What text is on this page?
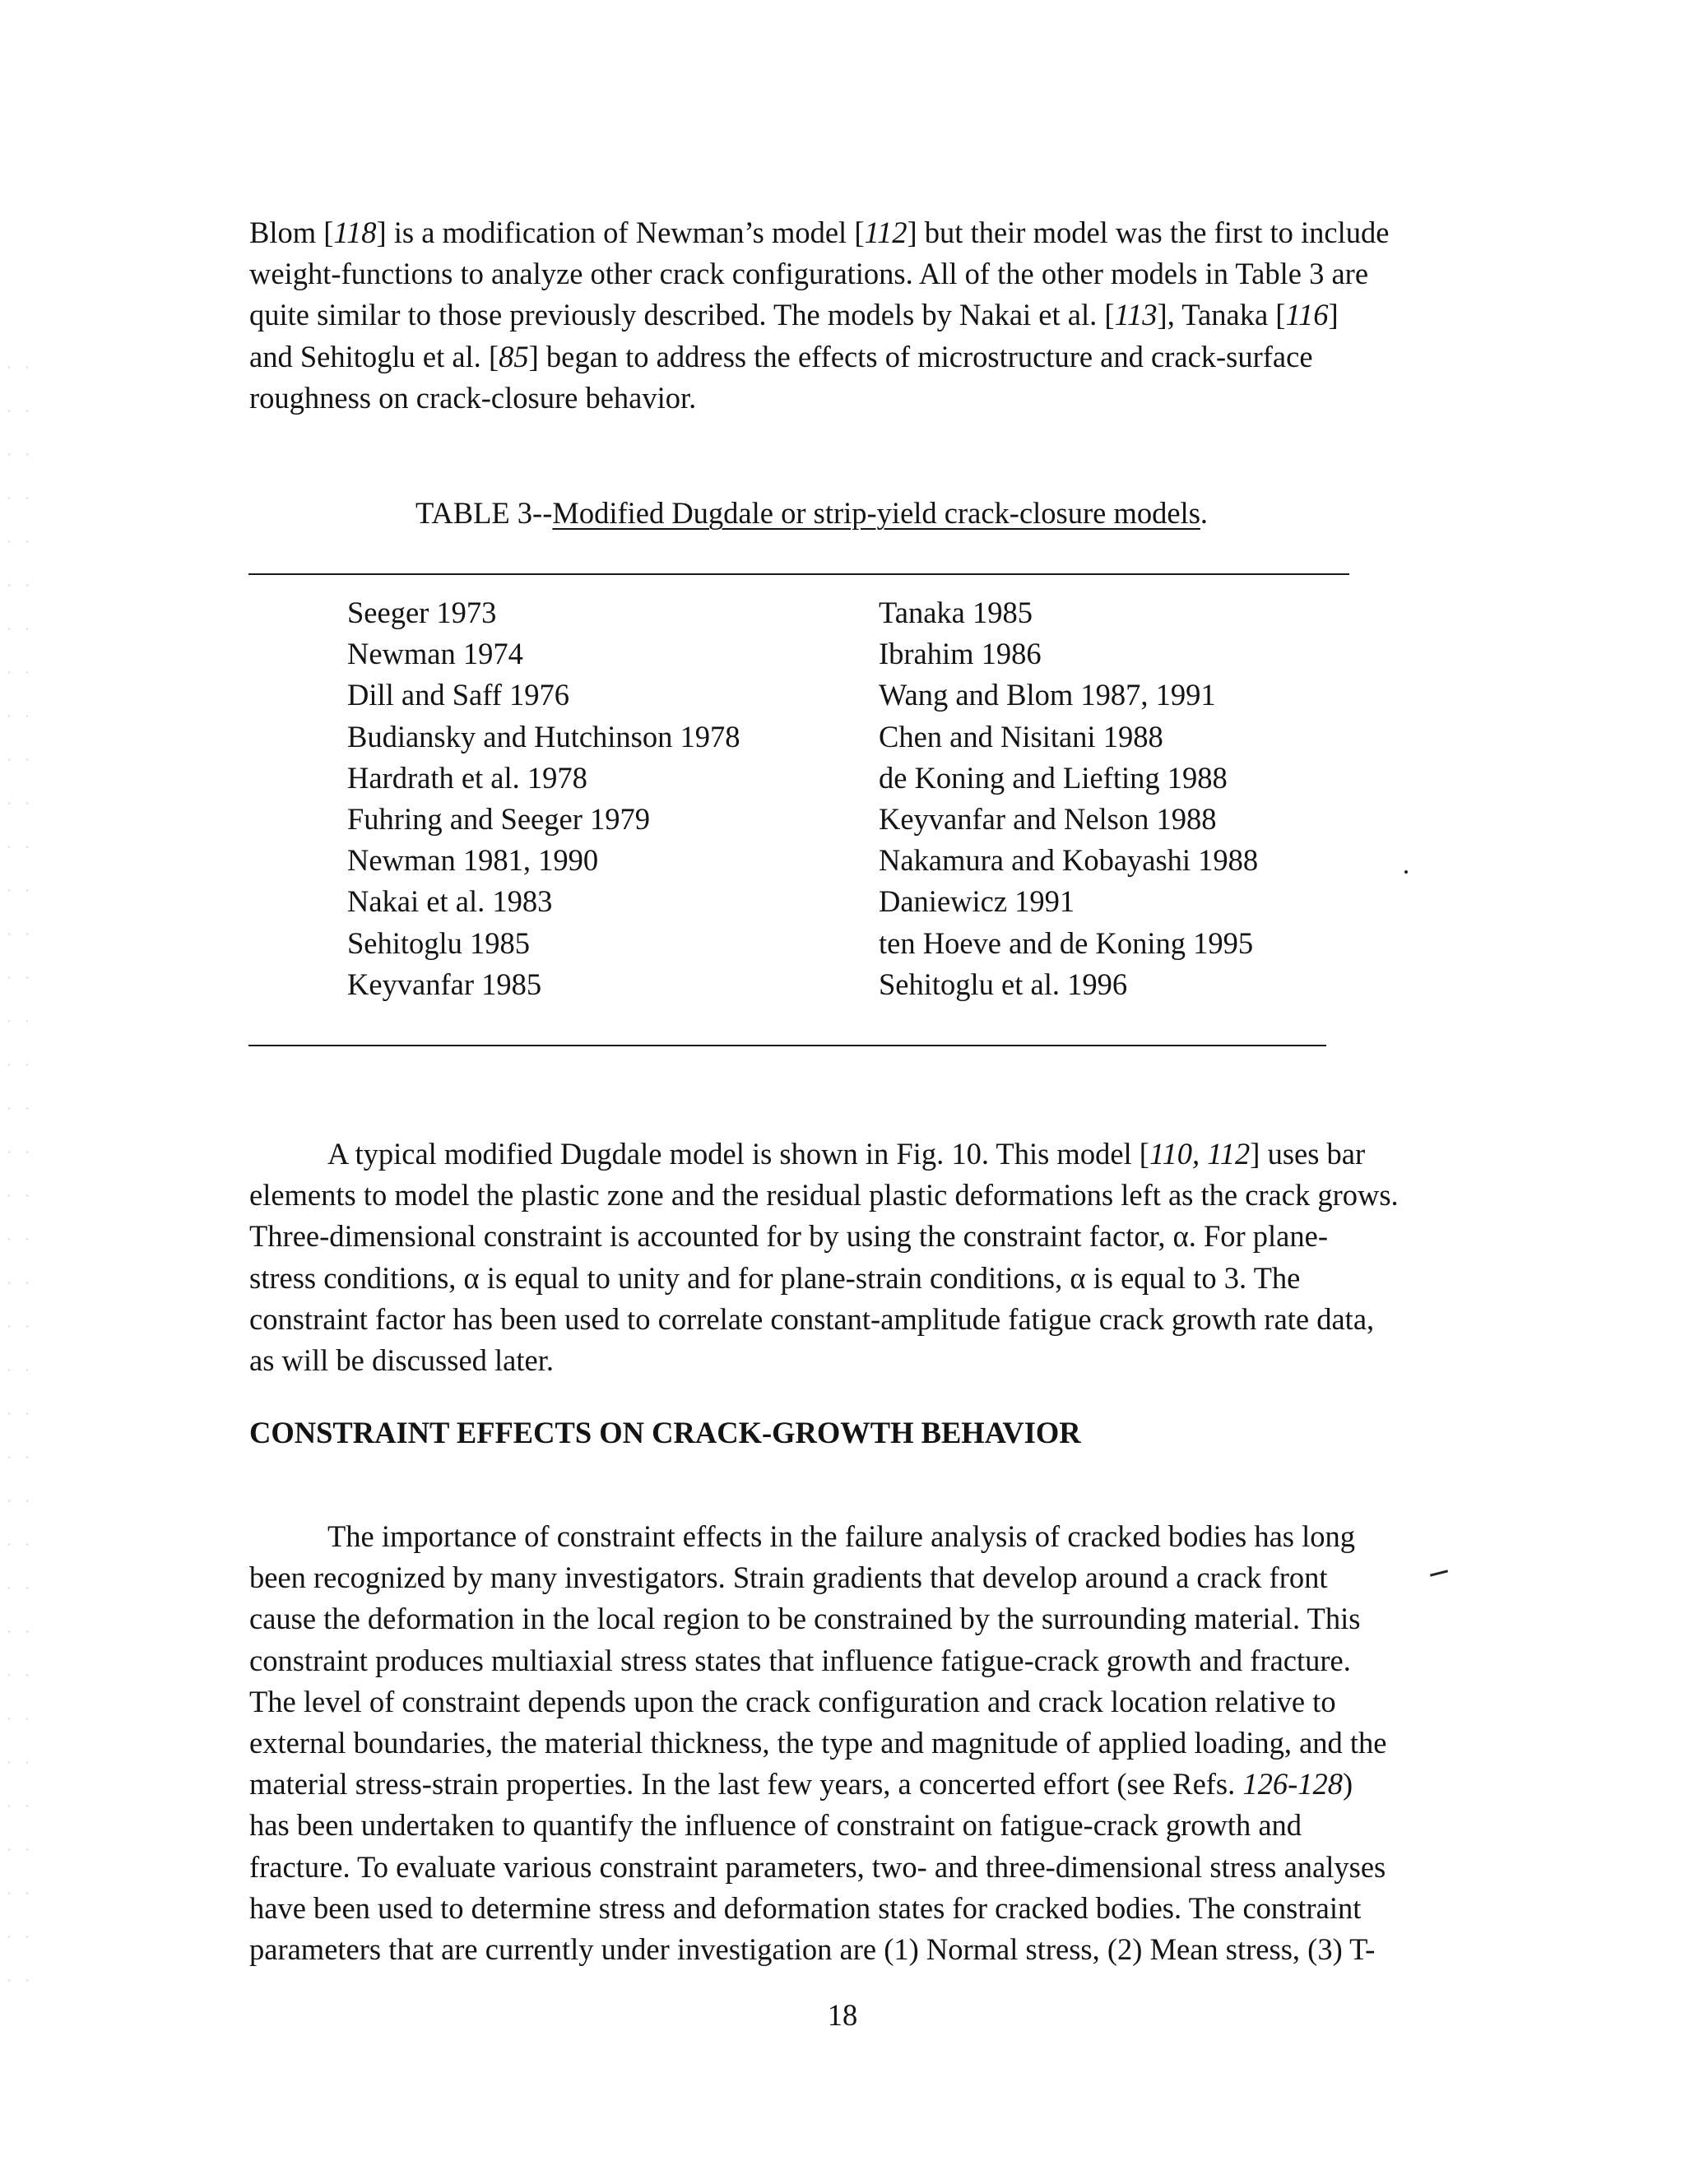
Blom [118] is a modification of Newman’s model [112] but their model was the first to include
weight-functions to analyze other crack configurations. All of the other models in Table 3 are
quite similar to those previously described. The models by Nakai et al. [113], Tanaka [116]
and Sehitoglu et al. [85] began to address the effects of microstructure and crack-surface
roughness on crack-closure behavior.

TABLE 3--Modified Dugdale or strip-yield crack-closure models.
Seeger 1973
Newman 1974
Dill and Saff 1976
Budiansky and Hutchinson 1978
Hardrath et al. 1978
Fuhring and Seeger 1979
Newman 1981, 1990
Nakai et al. 1983
Sehitoglu 1985
Keyvanfar 1985
Tanaka 1985
Ibrahim 1986
Wang and Blom 1987, 1991
Chen and Nisitani 1988
de Koning and Liefting 1988
Keyvanfar and Nelson 1988
Nakamura and Kobayashi 1988
Daniewicz 1991
ten Hoeve and de Koning 1995
Sehitoglu et al. 1996

A typical modified Dugdale model is shown in Fig. 10. This model [110, 112] uses bar
elements to model the plastic zone and the residual plastic deformations left as the crack grows.
Three-dimensional constraint is accounted for by using the constraint factor, α. For plane-
stress conditions, α is equal to unity and for plane-strain conditions, α is equal to 3. The
constraint factor has been used to correlate constant-amplitude fatigue crack growth rate data,
as will be discussed later.

CONSTRAINT EFFECTS ON CRACK-GROWTH BEHAVIOR

The importance of constraint effects in the failure analysis of cracked bodies has long
been recognized by many investigators. Strain gradients that develop around a crack front
cause the deformation in the local region to be constrained by the surrounding material. This
constraint produces multiaxial stress states that influence fatigue-crack growth and fracture.
The level of constraint depends upon the crack configuration and crack location relative to
external boundaries, the material thickness, the type and magnitude of applied loading, and the
material stress-strain properties. In the last few years, a concerted effort (see Refs. 126-128)
has been undertaken to quantify the influence of constraint on fatigue-crack growth and
fracture. To evaluate various constraint parameters, two- and three-dimensional stress analyses
have been used to determine stress and deformation states for cracked bodies. The constraint
parameters that are currently under investigation are (1) Normal stress, (2) Mean stress, (3) T-

18
